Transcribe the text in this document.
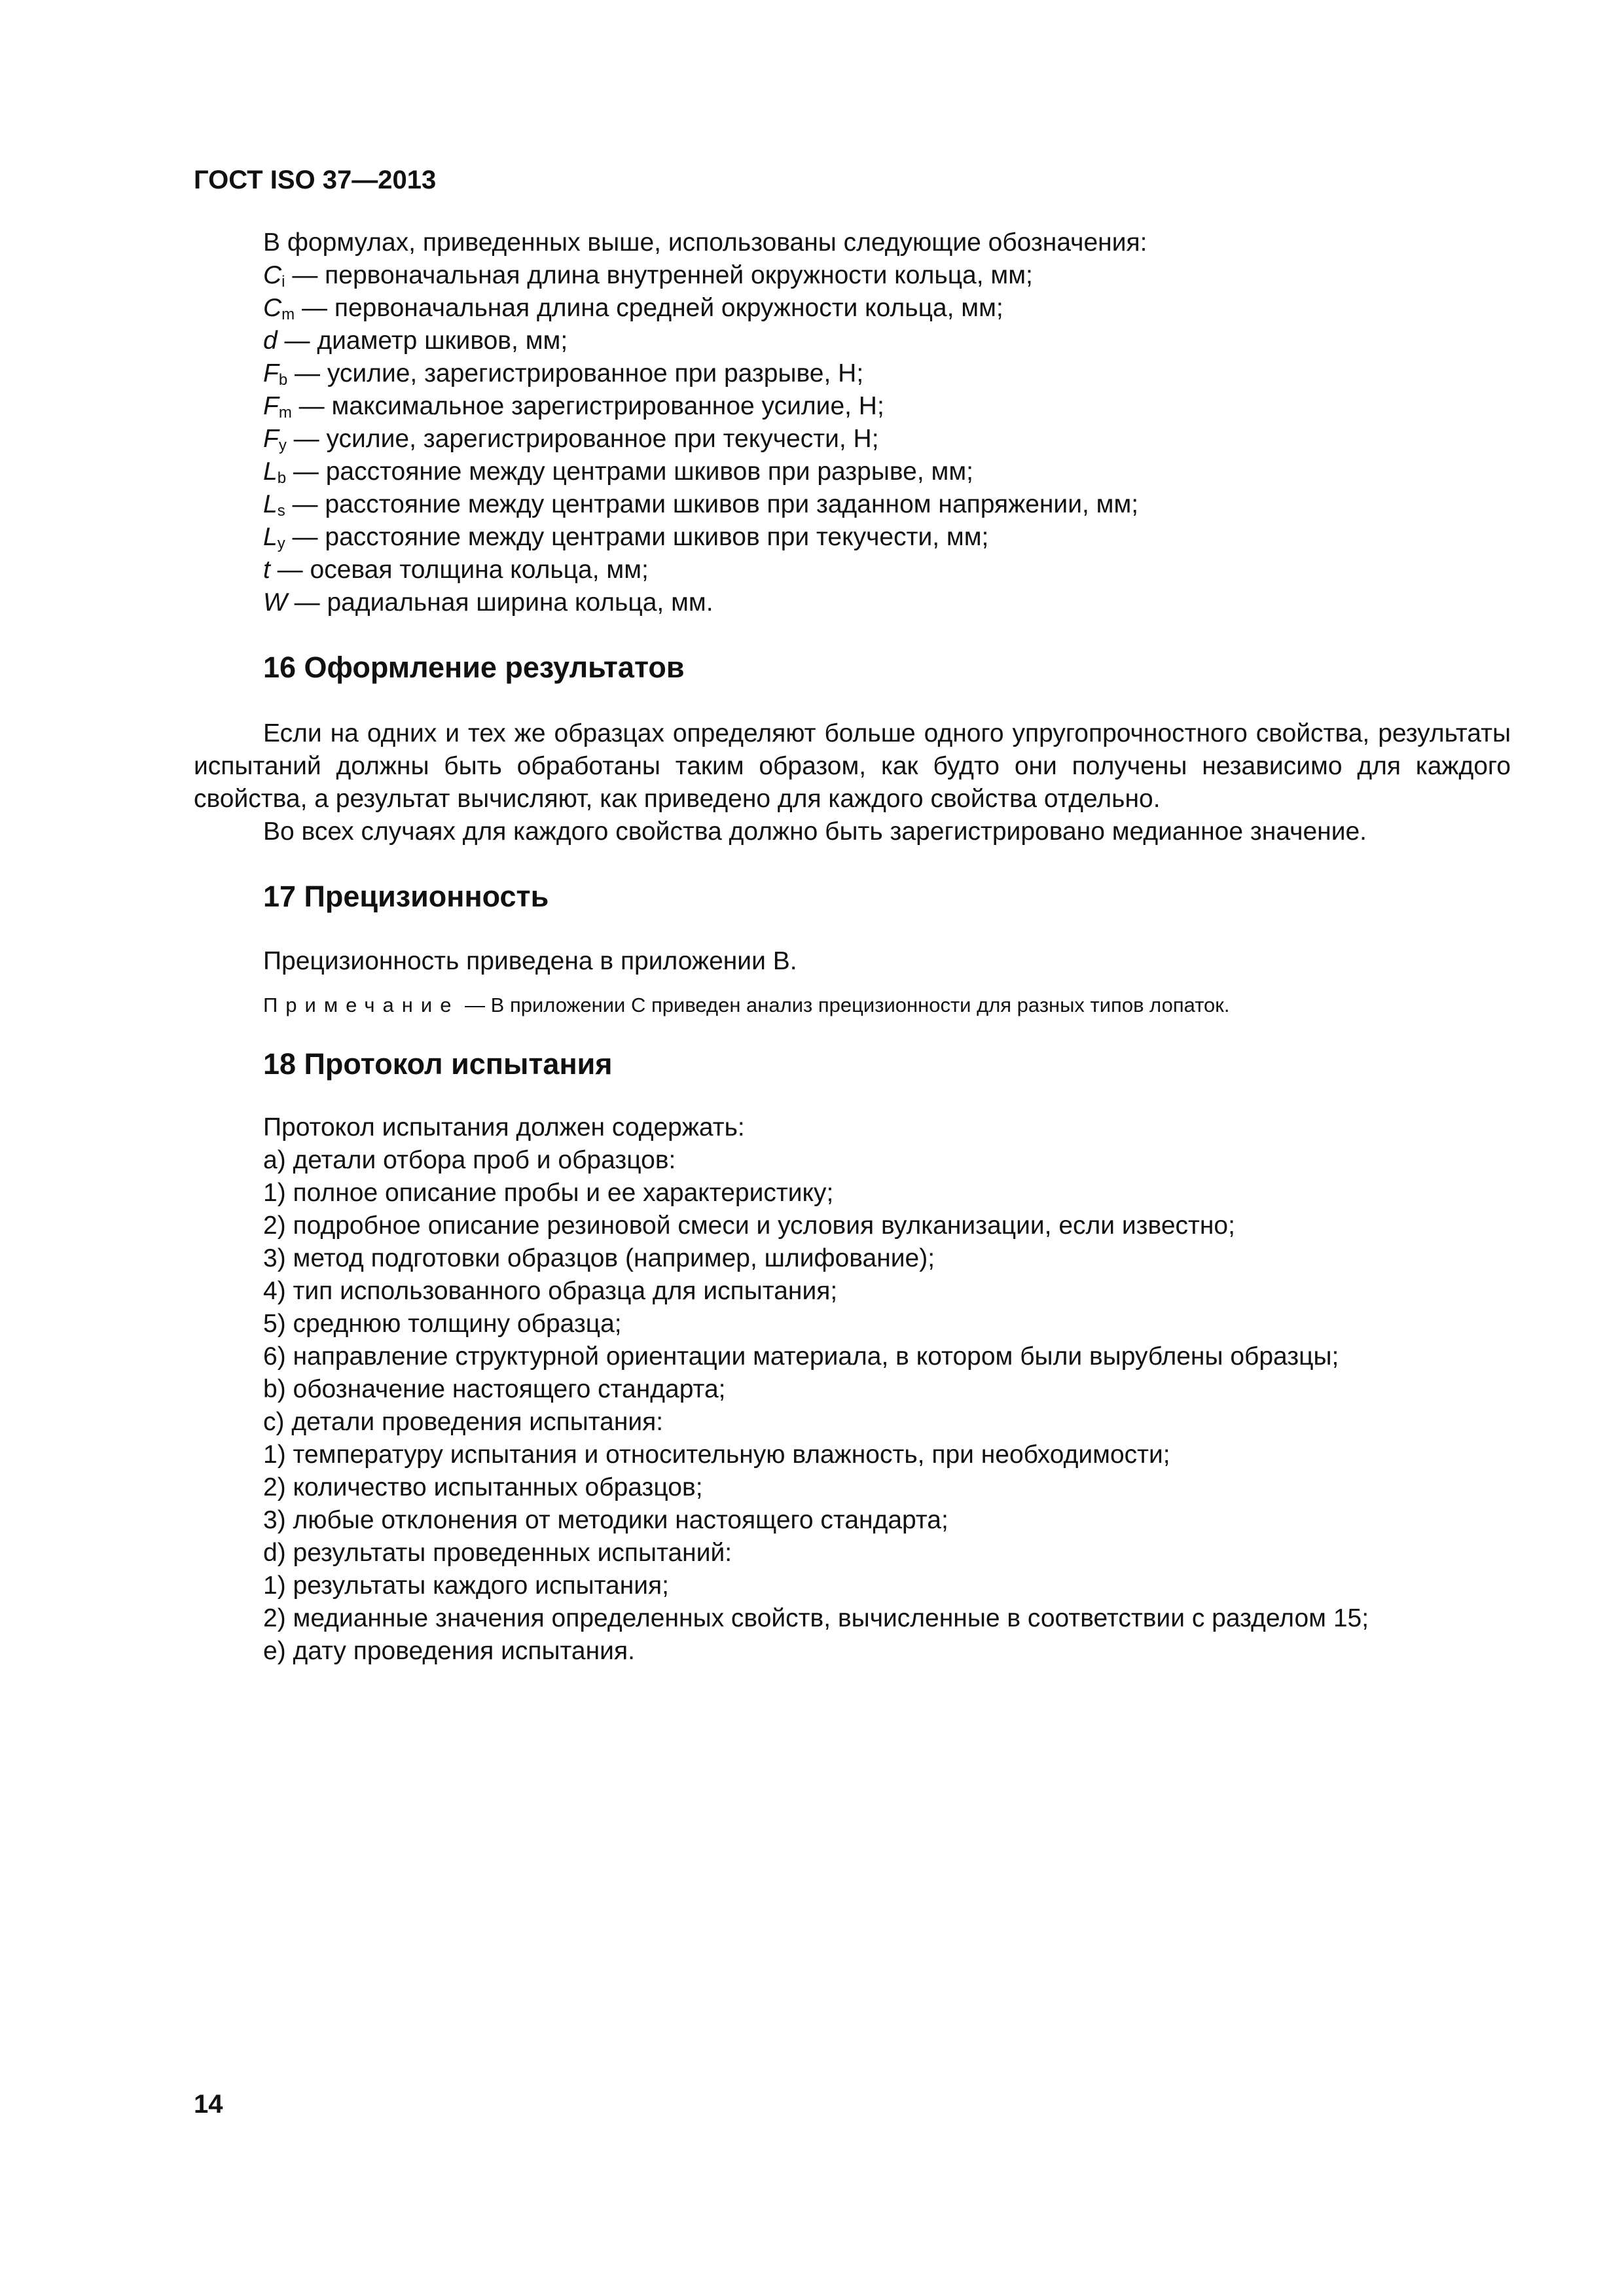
ГОСТ ISO 37—2013

В формулах, приведенных выше, использованы следующие обозначения:

$C_i$ — первоначальная длина внутренней окружности кольца, мм;

$C_m$ — первоначальная длина средней окружности кольца, мм;

d — диаметр шкивов, мм;

$F_b$ — усилие, зарегистрированное при разрыве, Н;

$F_m$ — максимальное зарегистрированное усилие, Н;

$F_y$ — усилие, зарегистрированное при текучести, Н;

$L_b$ — расстояние между центрами шкивов при разрыве, мм;

$L_s$ — расстояние между центрами шкивов при заданном напряжении, мм;

$L_y$ — расстояние между центрами шкивов при текучести, мм;

t — осевая толщина кольца, мм;

W — радиальная ширина кольца, мм.

16 Оформление результатов

Если на одних и тех же образцах определяют больше одного упругопрочностного свойства, результаты испытаний должны быть обработаны таким образом, как будто они получены независимо для каждого свойства, а результат вычисляют, как приведено для каждого свойства отдельно.

Во всех случаях для каждого свойства должно быть зарегистрировано медианное значение.

17 Прецизионность

Прецизионность приведена в приложении В.

Примечание — В приложении С приведен анализ прецизионности для разных типов лопаток.

18 Протокол испытания

Протокол испытания должен содержать:

а) детали отбора проб и образцов:

1) полное описание пробы и ее характеристику;

2) подробное описание резиновой смеси и условия вулканизации, если известно;

3) метод подготовки образцов (например, шлифование);

4) тип использованного образца для испытания;

5) среднюю толщину образца;

6) направление структурной ориентации материала, в котором были вырублены образцы;

b) обозначение настоящего стандарта;

с) детали проведения испытания:

1) температуру испытания и относительную влажность, при необходимости;

2) количество испытанных образцов;

3) любые отклонения от методики настоящего стандарта;

d) результаты проведенных испытаний:

1) результаты каждого испытания;

2) медианные значения определенных свойств, вычисленные в соответствии с разделом 15;

е) дату проведения испытания.

14
